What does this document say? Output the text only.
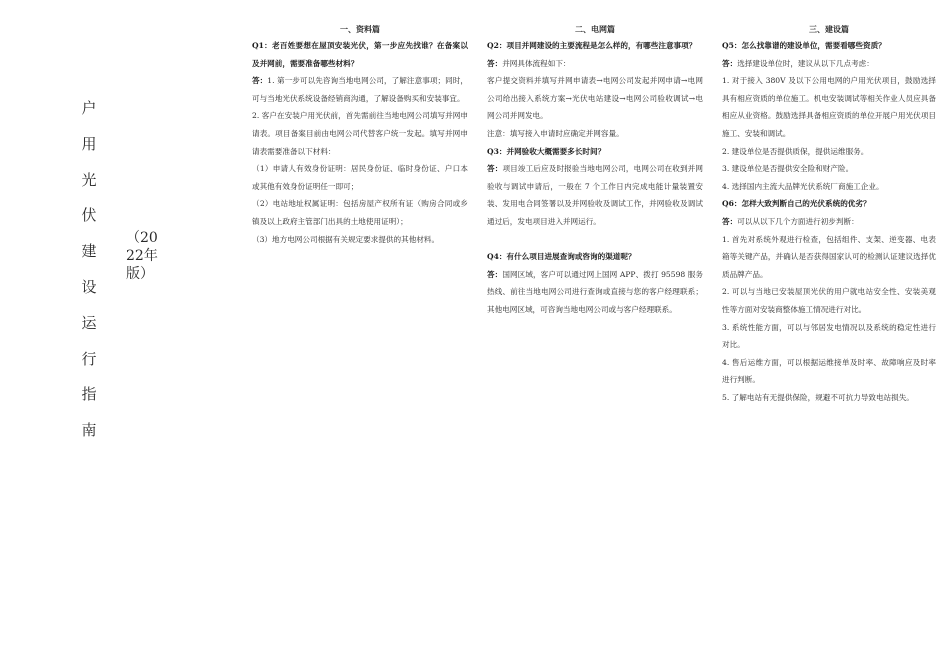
户
用
光
伏
建
设
运
行
指
南
（2022年版）
一、资料篇

Q1：老百姓要想在屋顶安装光伏，第一步应先找谁？在备案以及并网前，需要准备哪些材料？

答：1. 第一步可以先咨询当地电网公司，了解注意事项；同时，可与当地光伏系统设备经销商沟通，了解设备购买和安装事宜。

2. 客户在安装户用光伏前，首先需前往当地电网公司填写并网申请表。项目备案目前由电网公司代替客户统一发起。填写并网申请表需要准备以下材料：

（1）申请人有效身份证明：居民身份证、临时身份证、户口本或其他有效身份证明任一即可；

（2）电站地址权属证明：包括房屋产权所有证（购房合同或乡镇及以上政府主管部门出具的土地使用证明）；

（3）地方电网公司根据有关规定要求提供的其他材料。

二、电网篇

Q2：项目并网建设的主要流程是怎么样的，有哪些注意事项？

答：并网具体流程如下：

客户提交资料并填写并网申请表→电网公司发起并网申请→电网公司给出接入系统方案→光伏电站建设→电网公司验收调试→电网公司并网发电。

注意：填写接入申请时应确定并网容量。

Q3：并网验收大概需要多长时间？

答：项目竣工后应及时报验当地电网公司，电网公司在收到并网验收与调试申请后，一般在 7 个工作日内完成电能计量装置安装、发用电合同签署以及并网验收及调试工作，并网验收及调试通过后，发电项目进入并网运行。

Q4：有什么项目进展查询或咨询的渠道呢？

答：国网区域，客户可以通过网上国网 APP、拨打 95598 服务热线、前往当地电网公司进行查询或直接与您的客户经理联系；其他电网区域，可咨询当地电网公司或与客户经理联系。

三、建设篇

Q5：怎么找靠谱的建设单位，需要看哪些资质？

答：选择建设单位时，建议从以下几点考虑：

1. 对于接入 380V 及以下公用电网的户用光伏项目，鼓励选择具有相应资质的单位施工。机电安装调试等相关作业人员应具备相应从业资格。鼓励选择具备相应资质的单位开展户用光伏项目施工、安装和调试。

2. 建设单位是否提供质保，提供运维服务。

3. 建设单位是否提供安全险和财产险。

4. 选择国内主流大品牌光伏系统厂商施工企业。

Q6：怎样大致判断自己的光伏系统的优劣？

答：可以从以下几个方面进行初步判断：

1. 首先对系统外观进行检查，包括组件、支架、逆变器、电表箱等关键产品，并确认是否获得国家认可的检测认证建议选择优质品牌产品。

2. 可以与当地已安装屋顶光伏的用户就电站安全性、安装美观性等方面对安装商整体施工情况进行对比。

3. 系统性能方面，可以与邻居发电情况以及系统的稳定性进行对比。

4. 售后运维方面，可以根据运维接单及时率、故障响应及时率进行判断。

5. 了解电站有无提供保险，规避不可抗力导致电站损失。
